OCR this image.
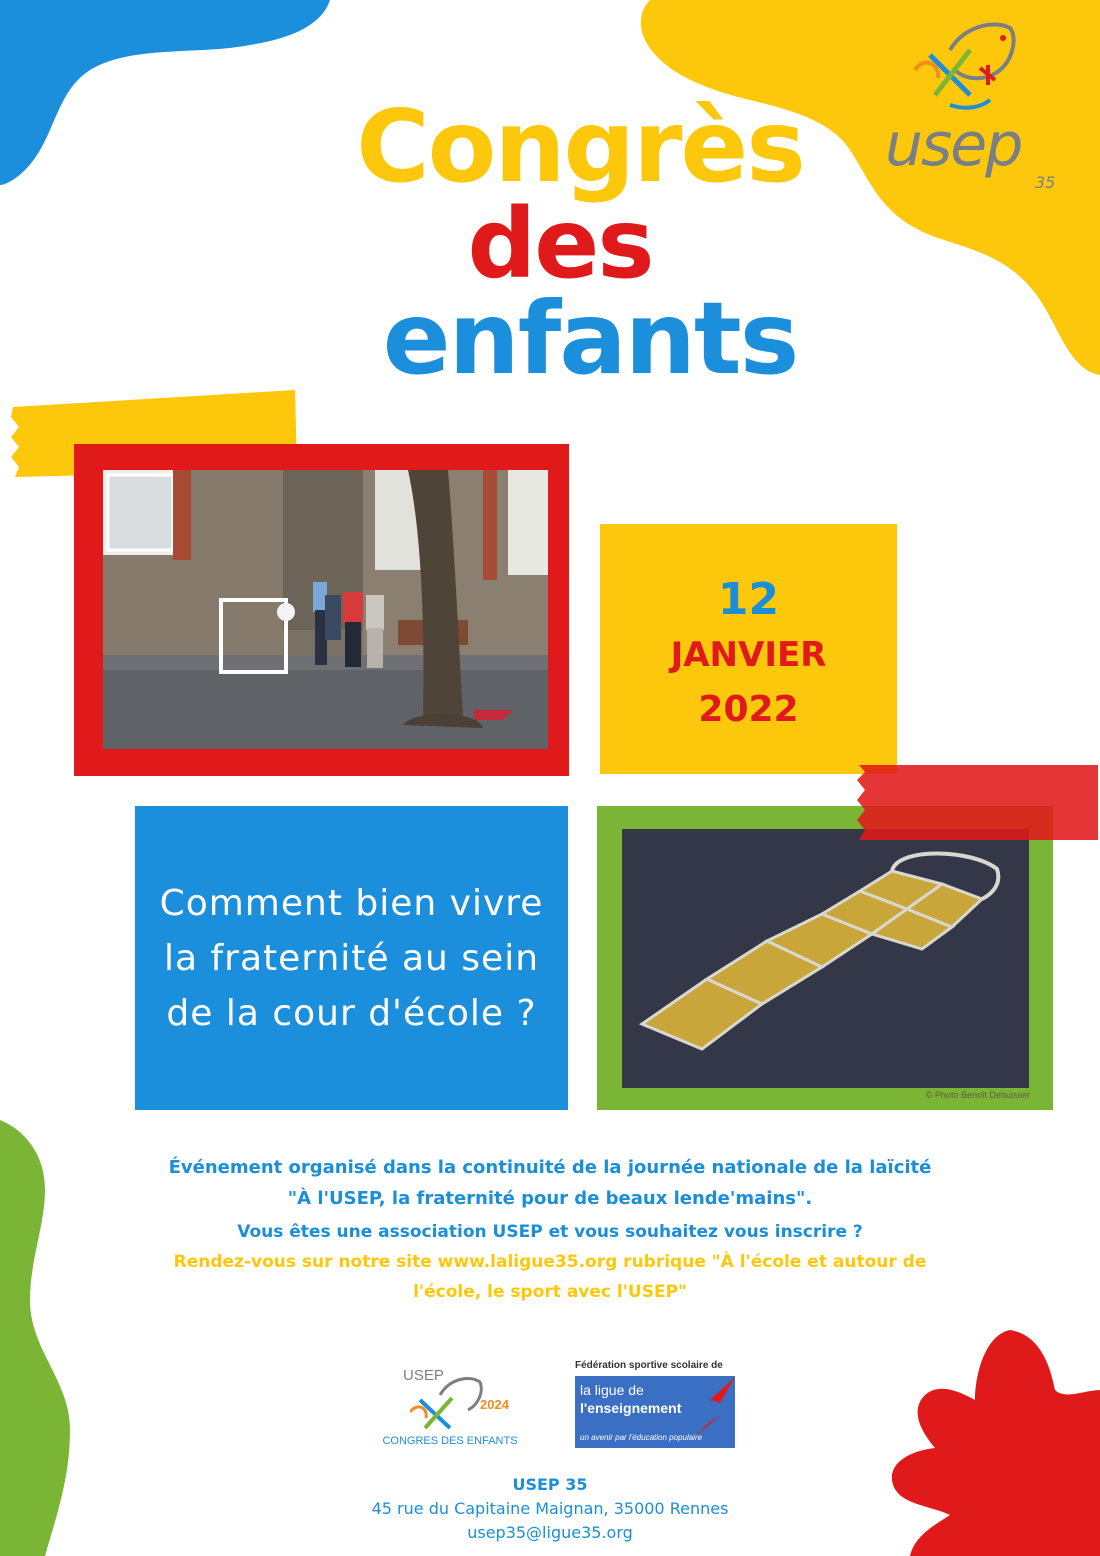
Congrès
des
enfants
usep
35
12
JANVIER
2022

Comment bien vivre la fraternité au sein de la cour d'école ?

© Photo Benoît Debuisser
Événement organisé dans la continuité de la journée nationale de la laïcité
"À l'USEP, la fraternité pour de beaux lende'mains".
Vous êtes une association USEP et vous souhaitez vous inscrire ?
Rendez-vous sur notre site www.laligue35.org rubrique "À l'école et autour de
l'école, le sport avec l'USEP"
USEP
2024
CONGRES DES ENFANTS
Fédération sportive scolaire de
la ligue de
l'enseignement
un avenir par l'éducation populaire
USEP 35
45 rue du Capitaine Maignan, 35000 Rennes
usep35@ligue35.org
